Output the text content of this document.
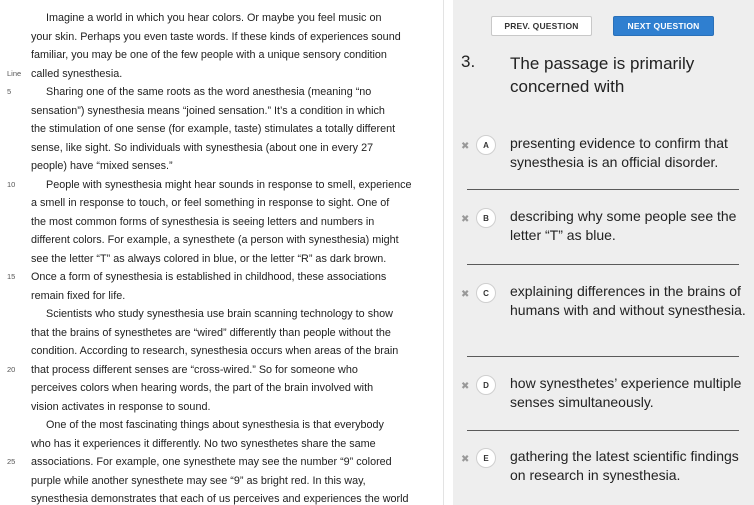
Imagine a world in which you hear colors. Or maybe you feel music on
your skin. Perhaps you even taste words. If these kinds of experiences sound
familiar, you may be one of the few people with a unique sensory condition
called synesthesia.
Sharing one of the same roots as the word anesthesia (meaning “no
sensation”) synesthesia means “joined sensation.” It’s a condition in which
the stimulation of one sense (for example, taste) stimulates a totally different
sense, like sight. So individuals with synesthesia (about one in every 27
people) have “mixed senses.”
People with synesthesia might hear sounds in response to smell, experience
a smell in response to touch, or feel something in response to sight. One of
the most common forms of synesthesia is seeing letters and numbers in
different colors. For example, a synesthete (a person with synesthesia) might
see the letter “T” as always colored in blue, or the letter “R” as dark brown.
Once a form of synesthesia is established in childhood, these associations
remain fixed for life.
Scientists who study synesthesia use brain scanning technology to show
that the brains of synesthetes are “wired” differently than people without the
condition. According to research, synesthesia occurs when areas of the brain
that process different senses are “cross-wired.” So for someone who
perceives colors when hearing words, the part of the brain involved with
vision activates in response to sound.
One of the most fascinating things about synesthesia is that everybody
who has it experiences it differently. No two synesthetes share the same
associations. For example, one synesthete may see the number “9” colored
purple while another synesthete may see “9” as bright red. In this way,
synesthesia demonstrates that each of us perceives and experiences the world
Line
5
10
15
20
25
PREV. QUESTION	NEXT QUESTION
3. The passage is primarily concerned with
✖	A	presenting evidence to confirm that synesthesia is an official disorder.
✖	B	describing why some people see the letter “T” as blue.
✖	C	explaining differences in the brains of humans with and without synesthesia.
✖	D	how synesthetes’ experience multiple senses simultaneously.
✖	E	gathering the latest scientific findings on research in synesthesia.
